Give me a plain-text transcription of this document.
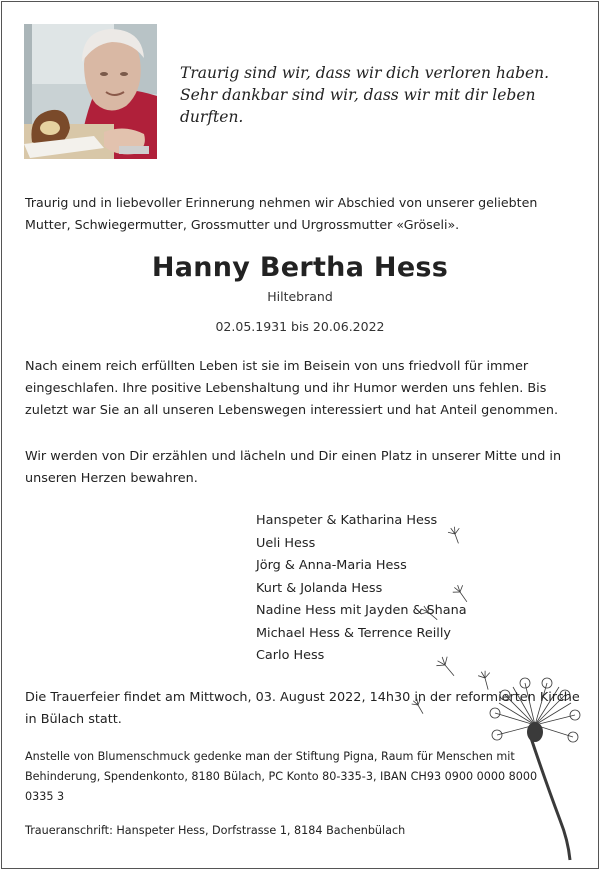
Traurig sind wir, dass wir dich verloren haben.
Sehr dankbar sind wir, dass wir mit dir leben
durften.
Traurig und in liebevoller Erinnerung nehmen wir Abschied von unserer geliebten
Mutter, Schwiegermutter, Grossmutter und Urgrossmutter «Gröseli».
Hanny Bertha Hess
Hiltebrand
02.05.1931 bis 20.06.2022
Nach einem reich erfüllten Leben ist sie im Beisein von uns friedvoll für immer
eingeschlafen. Ihre positive Lebenshaltung und ihr Humor werden uns fehlen. Bis
zuletzt war Sie an all unseren Lebenswegen interessiert und hat Anteil genommen.
Wir werden von Dir erzählen und lächeln und Dir einen Platz in unserer Mitte und in
unseren Herzen bewahren.
Hanspeter & Katharina Hess
Ueli Hess
Jörg & Anna-Maria Hess
Kurt & Jolanda Hess
Nadine Hess mit Jayden & Shana
Michael Hess & Terrence Reilly
Carlo Hess
Die Trauerfeier findet am Mittwoch, 03. August 2022, 14h30 in der reformierten Kirche
in Bülach statt.
Anstelle von Blumenschmuck gedenke man der Stiftung Pigna, Raum für Menschen mit
Behinderung, Spendenkonto, 8180 Bülach, PC Konto 80-335-3, IBAN CH93 0900 0000 8000
0335 3
Traueranschrift: Hanspeter Hess, Dorfstrasse 1, 8184 Bachenbülach
